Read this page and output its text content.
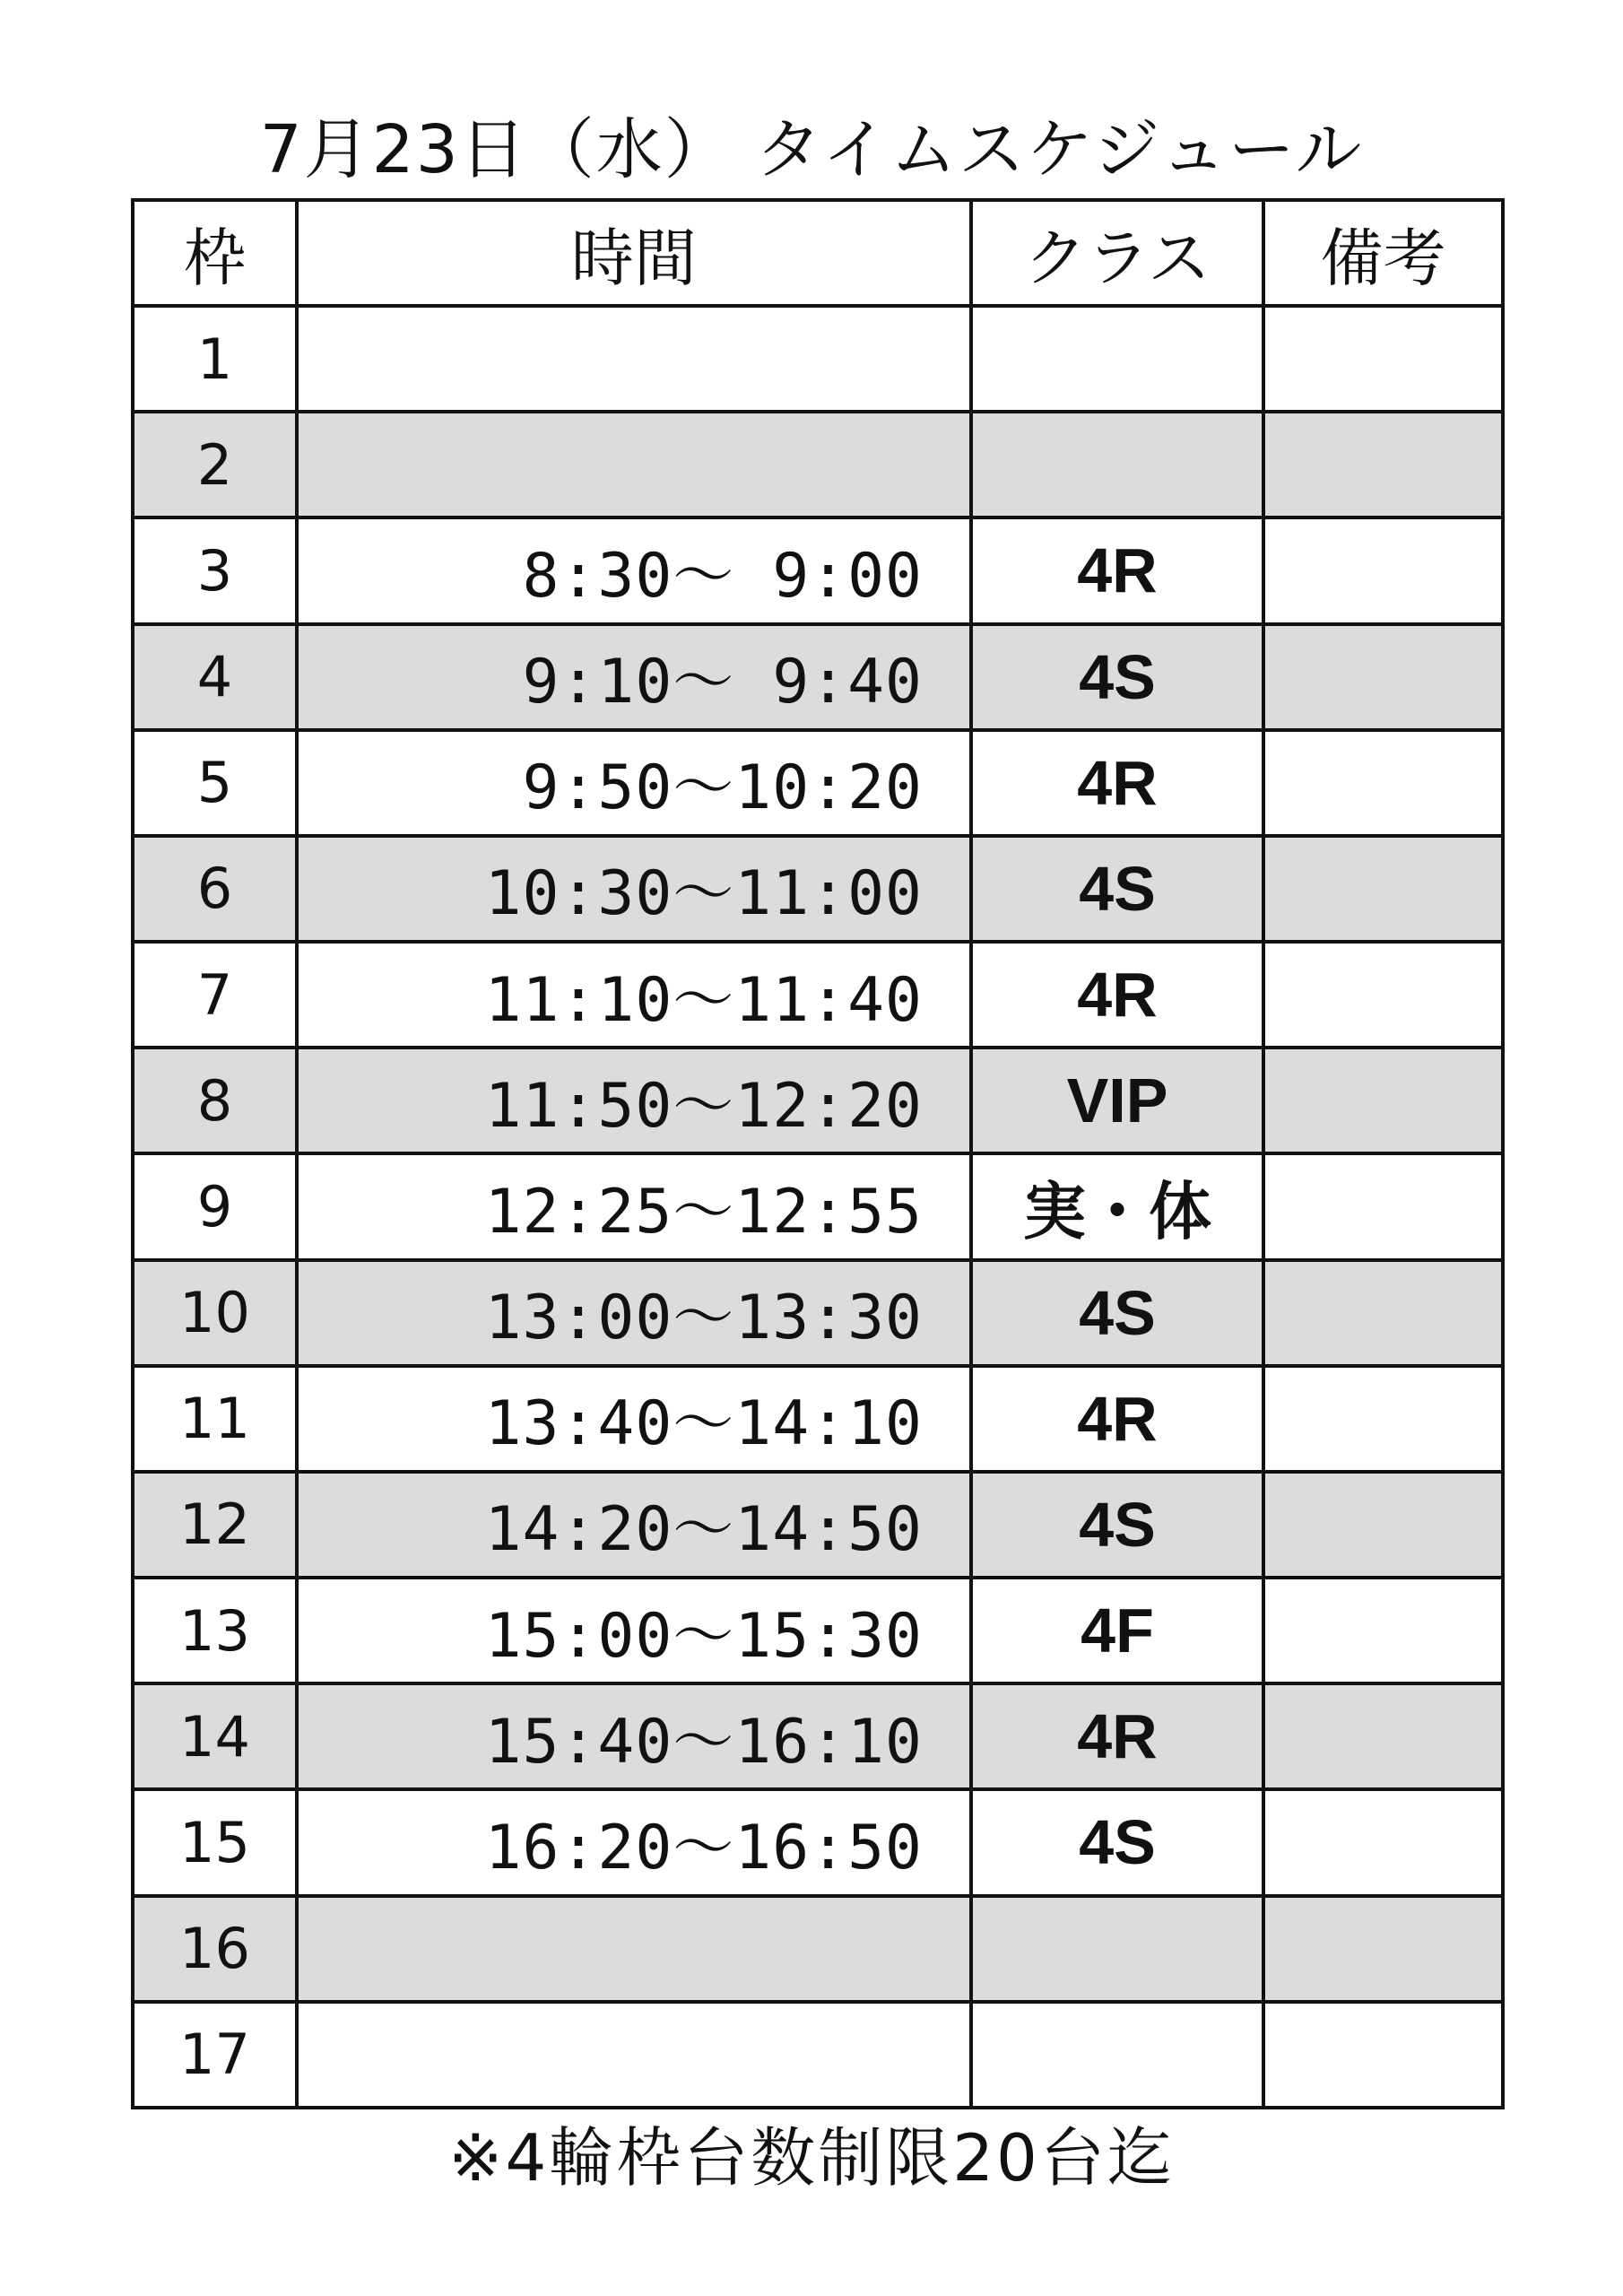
7月23日（水） タイムスケジュール
枠	時間	クラス	備考
1			
2			
3	8:30～ 9:00	4R	
4	9:10～ 9:40	4S	
5	9:50～10:20	4R	
6	10:30～11:00	4S	
7	11:10～11:40	4R	
8	11:50～12:20	VIP	
9	12:25～12:55	実・体	
10	13:00～13:30	4S	
11	13:40～14:10	4R	
12	14:20～14:50	4S	
13	15:00～15:30	4F	
14	15:40～16:10	4R	
15	16:20～16:50	4S	
16			
17			
※4輪枠台数制限20台迄
